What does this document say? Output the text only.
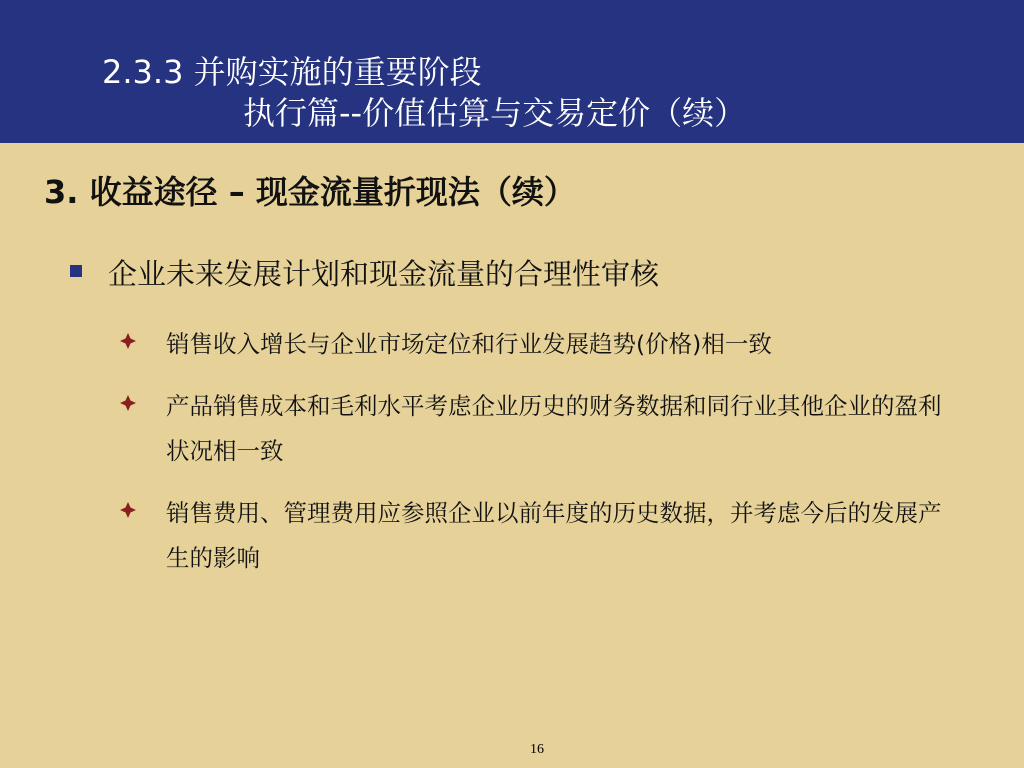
2.3.3 并购实施的重要阶段
执行篇--价值估算与交易定价（续）
3. 收益途径 – 现金流量折现法（续）
企业未来发展计划和现金流量的合理性审核
销售收入增长与企业市场定位和行业发展趋势(价格)相一致
产品销售成本和毛利水平考虑企业历史的财务数据和同行业其他企业的盈利状况相一致
销售费用、管理费用应参照企业以前年度的历史数据，并考虑今后的发展产生的影响
16
